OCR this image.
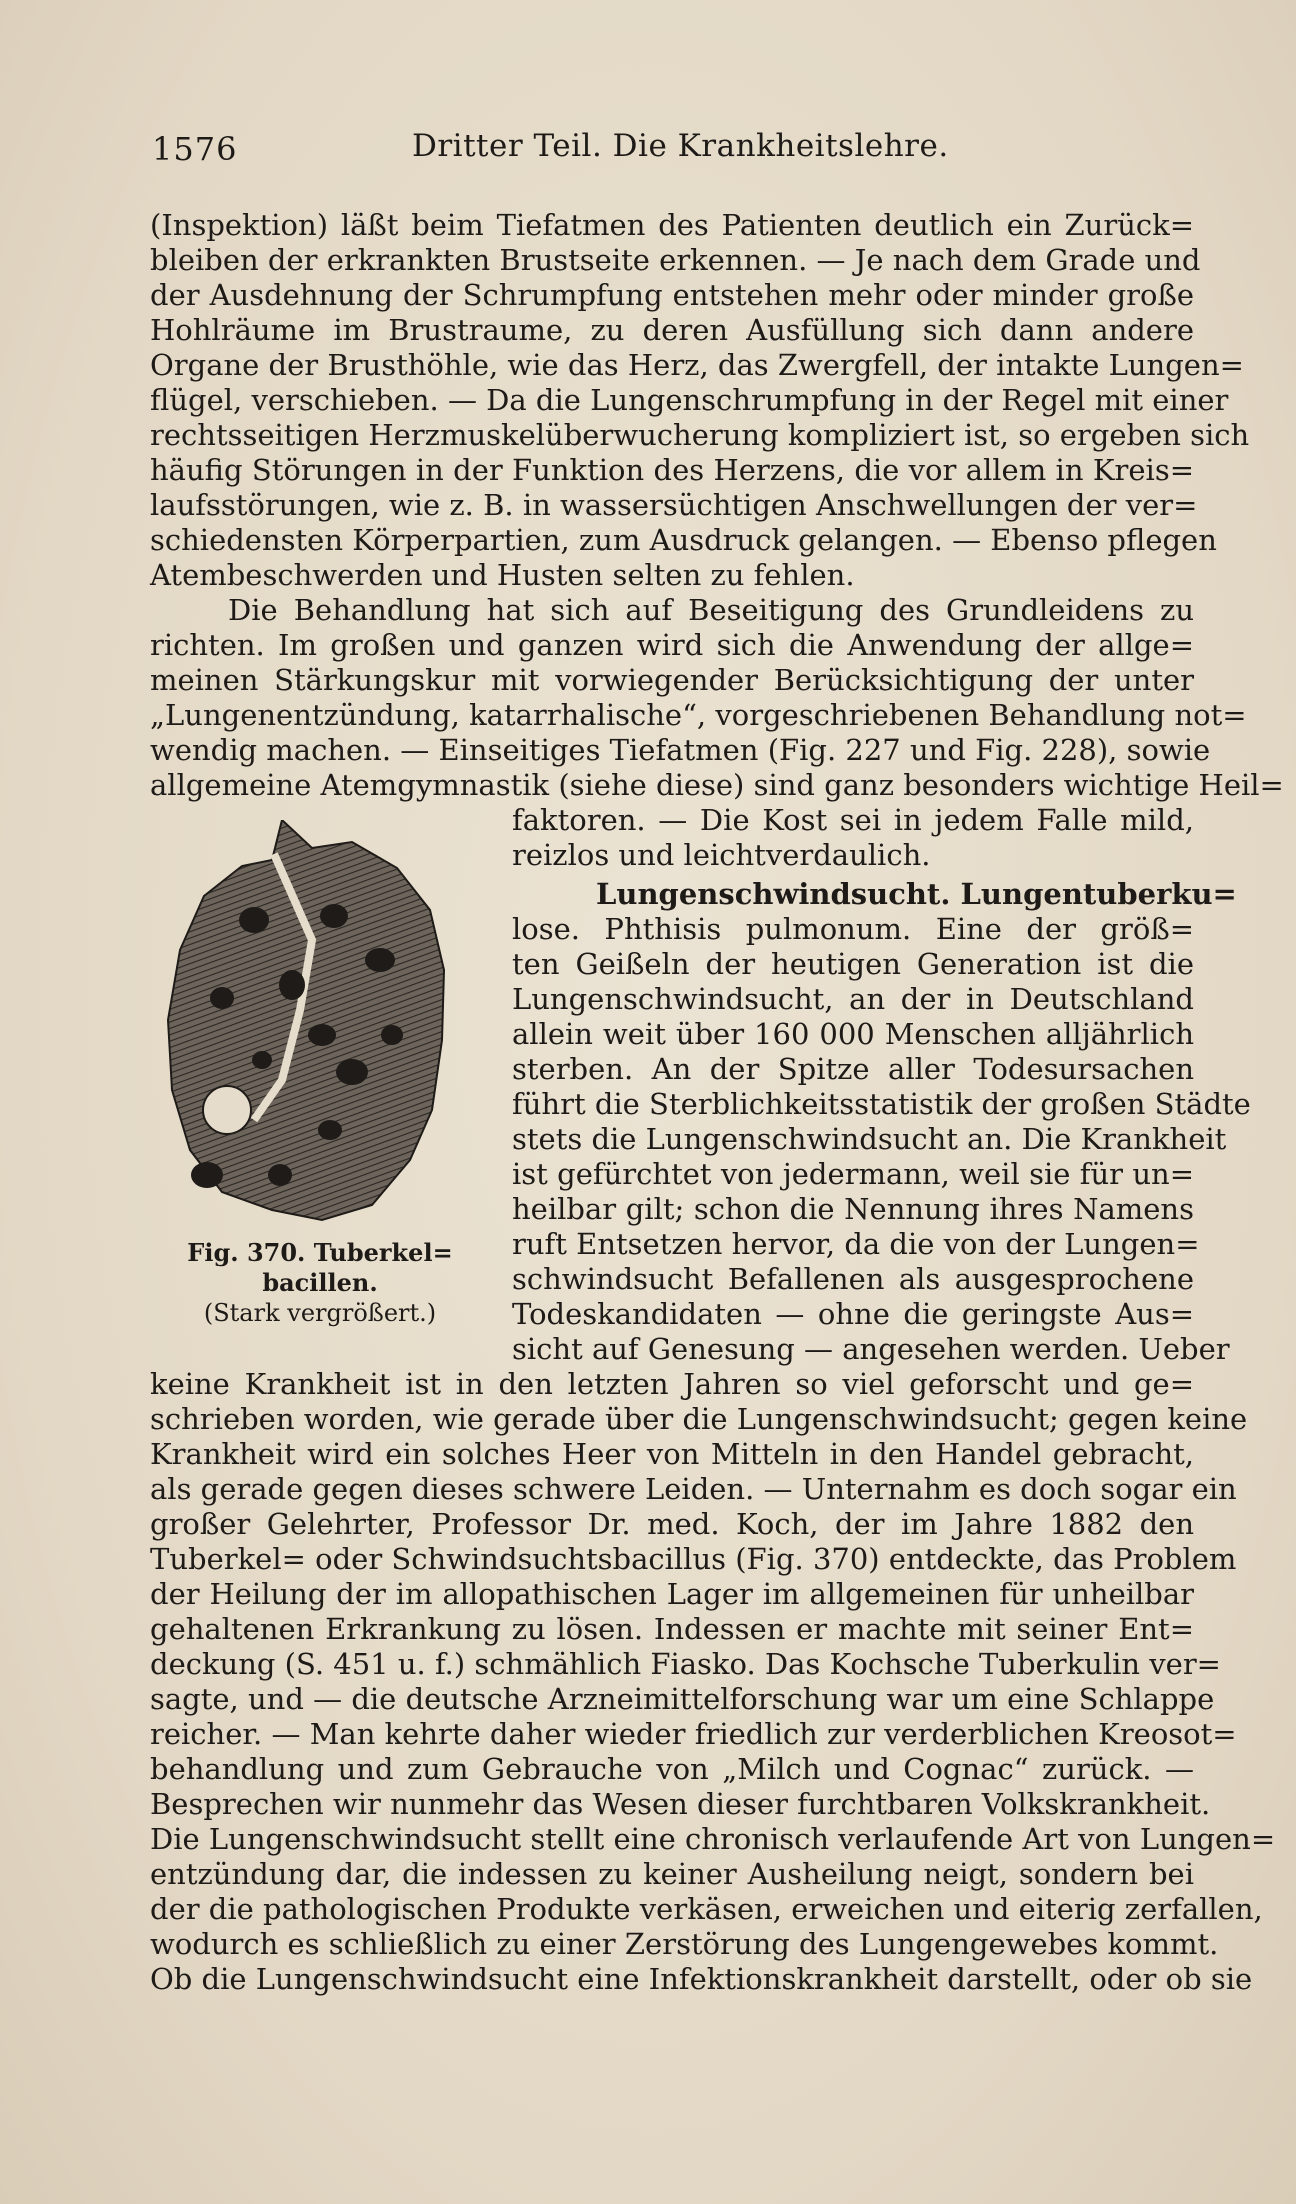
1576	Dritter Teil. Die Krankheitslehre.
(Inspektion) läßt beim Tiefatmen des Patienten deutlich ein Zurück=
bleiben der erkrankten Brustseite erkennen. — Je nach dem Grade und
der Ausdehnung der Schrumpfung entstehen mehr oder minder große
Hohlräume im Brustraume, zu deren Ausfüllung sich dann andere
Organe der Brusthöhle, wie das Herz, das Zwergfell, der intakte Lungen=
flügel, verschieben. — Da die Lungenschrumpfung in der Regel mit einer
rechtsseitigen Herzmuskelüberwucherung kompliziert ist, so ergeben sich
häufig Störungen in der Funktion des Herzens, die vor allem in Kreis=
laufsstörungen, wie z. B. in wassersüchtigen Anschwellungen der ver=
schiedensten Körperpartien, zum Ausdruck gelangen. — Ebenso pflegen
Atembeschwerden und Husten selten zu fehlen.
Die Behandlung hat sich auf Beseitigung des Grundleidens zu
richten. Im großen und ganzen wird sich die Anwendung der allge=
meinen Stärkungskur mit vorwiegender Berücksichtigung der unter
„Lungenentzündung, katarrhalische“, vorgeschriebenen Behandlung not=
wendig machen. — Einseitiges Tiefatmen (Fig. 227 und Fig. 228), sowie
allgemeine Atemgymnastik (siehe diese) sind ganz besonders wichtige Heil=
faktoren. — Die Kost sei in jedem Falle mild,
reizlos und leichtverdaulich.
Lungenschwindsucht. Lungentuberku=
lose. Phthisis pulmonum. Eine der größ=
ten Geißeln der heutigen Generation ist die
Lungenschwindsucht, an der in Deutschland
allein weit über 160 000 Menschen alljährlich
sterben. An der Spitze aller Todesursachen
führt die Sterblichkeitsstatistik der großen Städte
stets die Lungenschwindsucht an. Die Krankheit
ist gefürchtet von jedermann, weil sie für un=
heilbar gilt; schon die Nennung ihres Namens
ruft Entsetzen hervor, da die von der Lungen=
schwindsucht Befallenen als ausgesprochene
Todeskandidaten — ohne die geringste Aus=
sicht auf Genesung — angesehen werden. Ueber
keine Krankheit ist in den letzten Jahren so viel geforscht und ge=
schrieben worden, wie gerade über die Lungenschwindsucht; gegen keine
Krankheit wird ein solches Heer von Mitteln in den Handel gebracht,
als gerade gegen dieses schwere Leiden. — Unternahm es doch sogar ein
großer Gelehrter, Professor Dr. med. Koch, der im Jahre 1882 den
Tuberkel= oder Schwindsuchtsbacillus (Fig. 370) entdeckte, das Problem
der Heilung der im allopathischen Lager im allgemeinen für unheilbar
gehaltenen Erkrankung zu lösen. Indessen er machte mit seiner Ent=
deckung (S. 451 u. f.) schmählich Fiasko. Das Kochsche Tuberkulin ver=
sagte, und — die deutsche Arzneimittelforschung war um eine Schlappe
reicher. — Man kehrte daher wieder friedlich zur verderblichen Kreosot=
behandlung und zum Gebrauche von „Milch und Cognac“ zurück. —
Besprechen wir nunmehr das Wesen dieser furchtbaren Volkskrankheit.
Die Lungenschwindsucht stellt eine chronisch verlaufende Art von Lungen=
entzündung dar, die indessen zu keiner Ausheilung neigt, sondern bei
der die pathologischen Produkte verkäsen, erweichen und eiterig zerfallen,
wodurch es schließlich zu einer Zerstörung des Lungengewebes kommt.
Ob die Lungenschwindsucht eine Infektionskrankheit darstellt, oder ob sie
Fig. 370. Tuberkel=
bacillen.
(Stark vergrößert.)
